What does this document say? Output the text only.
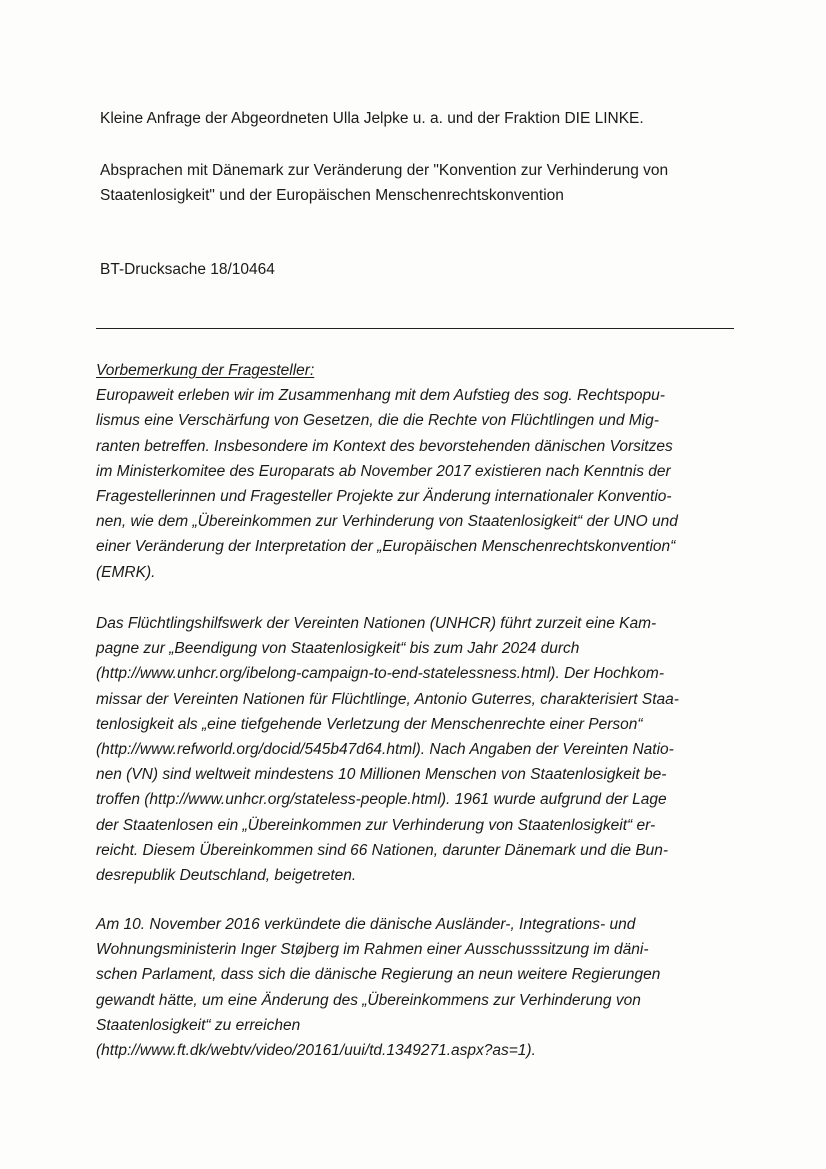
Kleine Anfrage der Abgeordneten Ulla Jelpke u. a. und der Fraktion DIE LINKE.
Absprachen mit Dänemark zur Veränderung der "Konvention zur Verhinderung von
Staatenlosigkeit" und der Europäischen Menschenrechtskonvention
BT-Drucksache 18/10464
Vorbemerkung der Fragesteller:
Europaweit erleben wir im Zusammenhang mit dem Aufstieg des sog. Rechtspopu-
lismus eine Verschärfung von Gesetzen, die die Rechte von Flüchtlingen und Mig-
ranten betreffen. Insbesondere im Kontext des bevorstehenden dänischen Vorsitzes
im Ministerkomitee des Europarats ab November 2017 existieren nach Kenntnis der
Fragestellerinnen und Fragesteller Projekte zur Änderung internationaler Konventio-
nen, wie dem „Übereinkommen zur Verhinderung von Staatenlosigkeit“ der UNO und
einer Veränderung der Interpretation der „Europäischen Menschenrechtskonvention“
(EMRK).
Das Flüchtlingshilfswerk der Vereinten Nationen (UNHCR) führt zurzeit eine Kam-
pagne zur „Beendigung von Staatenlosigkeit“ bis zum Jahr 2024 durch
(http://www.unhcr.org/ibelong-campaign-to-end-statelessness.html). Der Hochkom-
missar der Vereinten Nationen für Flüchtlinge, Antonio Guterres, charakterisiert Staa-
tenlosigkeit als „eine tiefgehende Verletzung der Menschenrechte einer Person“
(http://www.refworld.org/docid/545b47d64.html). Nach Angaben der Vereinten Natio-
nen (VN) sind weltweit mindestens 10 Millionen Menschen von Staatenlosigkeit be-
troffen (http://www.unhcr.org/stateless-people.html). 1961 wurde aufgrund der Lage
der Staatenlosen ein „Übereinkommen zur Verhinderung von Staatenlosigkeit“ er-
reicht. Diesem Übereinkommen sind 66 Nationen, darunter Dänemark und die Bun-
desrepublik Deutschland, beigetreten.
Am 10. November 2016 verkündete die dänische Ausländer-, Integrations- und
Wohnungsministerin Inger Støjberg im Rahmen einer Ausschusssitzung im däni-
schen Parlament, dass sich die dänische Regierung an neun weitere Regierungen
gewandt hätte, um eine Änderung des „Übereinkommens zur Verhinderung von
Staatenlosigkeit“ zu erreichen
(http://www.ft.dk/webtv/video/20161/uui/td.1349271.aspx?as=1).
